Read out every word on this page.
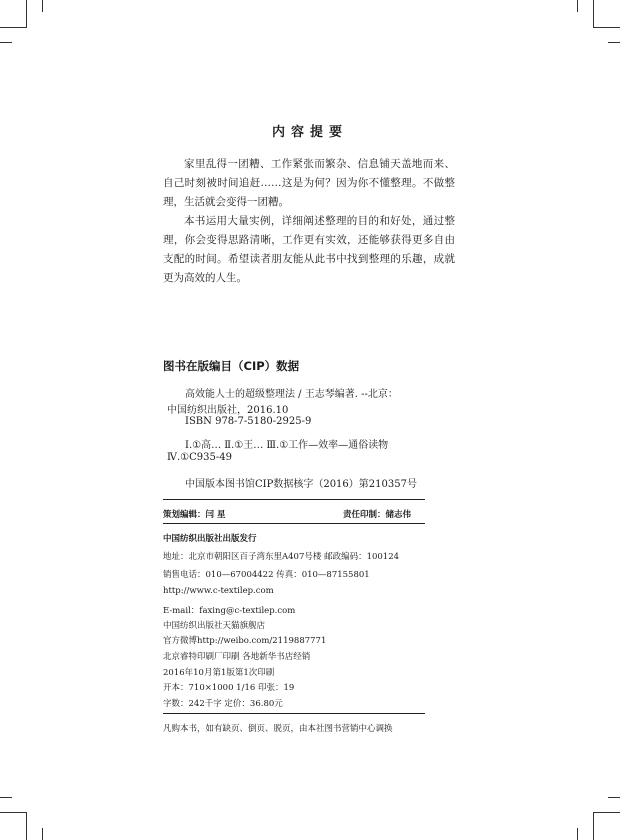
内容提要

家里乱得一团糟、工作紧张而繁杂、信息铺天盖地而来、自己时刻被时间追赶……这是为何？因为你不懂整理。不做整理，生活就会变得一团糟。

本书运用大量实例，详细阐述整理的目的和好处，通过整理，你会变得思路清晰，工作更有实效，还能够获得更多自由支配的时间。希望读者朋友能从此书中找到整理的乐趣，成就更为高效的人生。

图书在版编目（CIP）数据
高效能人士的超级整理法 / 王志琴编著. --北京：
中国纺织出版社，2016.10
ISBN 978-7-5180-2925-9
Ⅰ.①高… Ⅱ.①王… Ⅲ.①工作—效率—通俗读物
Ⅳ.①C935-49
中国版本图书馆CIP数据核字（2016）第210357号
策划编辑：闫 星	责任印制：储志伟
中国纺织出版社出版发行
地址：北京市朝阳区百子湾东里A407号楼 邮政编码：100124
销售电话：010—67004422 传真：010—87155801
http://www.c-textilep.com
E-mail：faxing@c-textilep.com
中国纺织出版社天猫旗舰店
官方微博http://weibo.com/2119887771
北京睿特印刷厂印刷 各地新华书店经销
2016年10月第1版第1次印刷
开本：710×1000 1/16 印张：19
字数：242千字 定价：36.80元
凡购本书，如有缺页、倒页、脱页，由本社图书营销中心调换
